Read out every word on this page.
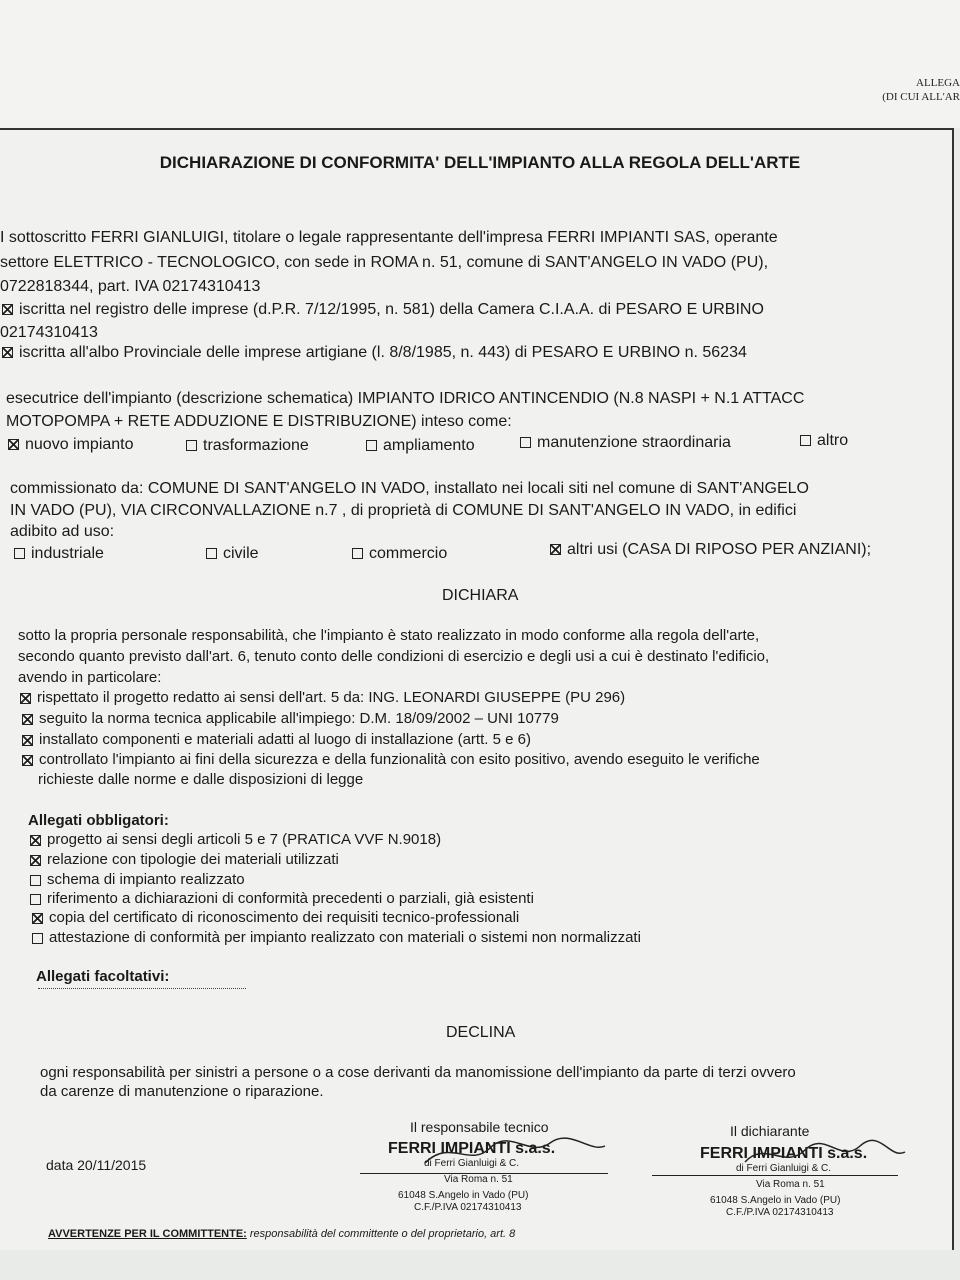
ALLEGA
(DI CUI ALL'AR
DICHIARAZIONE DI CONFORMITA' DELL'IMPIANTO ALLA REGOLA DELL'ARTE
I sottoscritto FERRI GIANLUIGI, titolare o legale rappresentante dell'impresa FERRI IMPIANTI SAS, operante
settore ELETTRICO - TECNOLOGICO, con sede in ROMA n. 51, comune di SANT'ANGELO IN VADO (PU),
0722818344, part. IVA 02174310413
iscritta nel registro delle imprese (d.P.R. 7/12/1995, n. 581) della Camera C.I.A.A. di PESARO E URBINO
02174310413
iscritta all'albo Provinciale delle imprese artigiane (l. 8/8/1985, n. 443) di PESARO E URBINO n. 56234
esecutrice dell'impianto (descrizione schematica) IMPIANTO IDRICO ANTINCENDIO (N.8 NASPI + N.1 ATTACC
MOTOPOMPA + RETE ADDUZIONE E DISTRIBUZIONE) inteso come:
nuovo impianto	trasformazione	ampliamento	manutenzione straordinaria	altro
commissionato da: COMUNE DI SANT'ANGELO IN VADO, installato nei locali siti nel comune di SANT'ANGELO
IN VADO (PU), VIA CIRCONVALLAZIONE n.7 , di proprietà di COMUNE DI SANT'ANGELO IN VADO, in edifici
adibito ad uso:
industriale	civile	commercio	altri usi (CASA DI RIPOSO PER ANZIANI);
DICHIARA
sotto la propria personale responsabilità, che l'impianto è stato realizzato in modo conforme alla regola dell'arte,
secondo quanto previsto dall'art. 6, tenuto conto delle condizioni di esercizio e degli usi a cui è destinato l'edificio,
avendo in particolare:
rispettato il progetto redatto ai sensi dell'art. 5 da: ING. LEONARDI GIUSEPPE (PU 296)
seguito la norma tecnica applicabile all'impiego: D.M. 18/09/2002 – UNI 10779
installato componenti e materiali adatti al luogo di installazione (artt. 5 e 6)
controllato l'impianto ai fini della sicurezza e della funzionalità con esito positivo, avendo eseguito le verifiche
richieste dalle norme e dalle disposizioni di legge
Allegati obbligatori:
progetto ai sensi degli articoli 5 e 7 (PRATICA VVF N.9018)
relazione con tipologie dei materiali utilizzati
schema di impianto realizzato
riferimento a dichiarazioni di conformità precedenti o parziali, già esistenti
copia del certificato di riconoscimento dei requisiti tecnico-professionali
attestazione di conformità per impianto realizzato con materiali o sistemi non normalizzati
Allegati facoltativi:
DECLINA
ogni responsabilità per sinistri a persone o a cose derivanti da manomissione dell'impianto da parte di terzi ovvero
da carenze di manutenzione o riparazione.
Il responsabile tecnico	Il dichiarante
data 20/11/2015
FERRI IMPIANTI s.a.s.
di Ferri Gianluigi & C.
Via Roma n. 51
61048 S.Angelo in Vado (PU)
C.F./P.IVA 02174310413
FERRI IMPIANTI s.a.s.
di Ferri Gianluigi & C.
Via Roma n. 51
61048 S.Angelo in Vado (PU)
C.F./P.IVA 02174310413
AVVERTENZE PER IL COMMITTENTE: responsabilità del committente o del proprietario, art. 8
